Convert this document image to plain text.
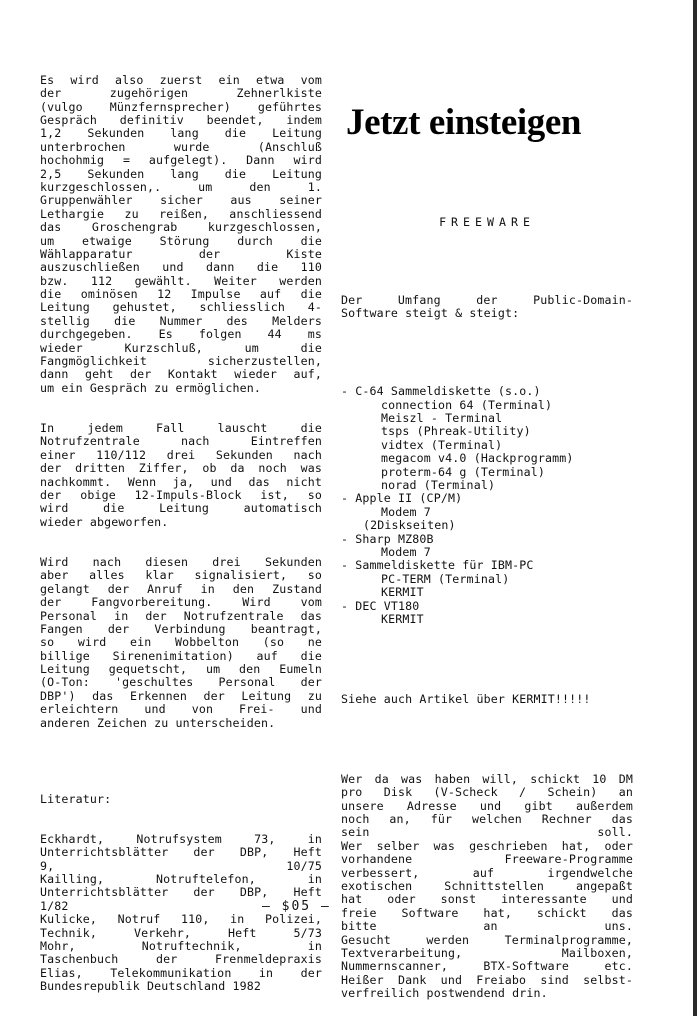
Es wird also zuerst ein etwa vom
der zugehörigen Zehnerlkiste
(vulgo Münzfernsprecher) geführtes
Gespräch definitiv beendet, indem
1,2 Sekunden lang die Leitung
unterbrochen wurde (Anschluß
hochohmig = aufgelegt). Dann wird
2,5 Sekunden lang die Leitung
kurzgeschlossen,. um den 1.
Gruppenwähler sicher aus seiner
Lethargie zu reißen, anschliessend
das Groschengrab kurzgeschlossen,
um etwaige Störung durch die
Wählapparatur der Kiste
auszuschließen und dann die 110
bzw. 112 gewählt. Weiter werden
die ominösen 12 Impulse auf die
Leitung gehustet, schliesslich 4-
stellig die Nummer des Melders
durchgegeben. Es folgen 44 ms
wieder Kurzschluß, um die
Fangmöglichkeit sicherzustellen,
dann geht der Kontakt wieder auf,
um ein Gespräch zu ermöglichen.

In jedem Fall lauscht die
Notrufzentrale nach Eintreffen
einer 110/112 drei Sekunden nach
der dritten Ziffer, ob da noch was
nachkommt. Wenn ja, und das nicht
der obige 12-Impuls-Block ist, so
wird die Leitung automatisch
wieder abgeworfen.

Wird nach diesen drei Sekunden
aber alles klar signalisiert, so
gelangt der Anruf in den Zustand
der Fangvorbereitung. Wird vom
Personal in der Notrufzentrale das
Fangen der Verbindung beantragt,
so wird ein Wobbelton (so ne
billige Sirenenimitation) auf die
Leitung gequetscht, um den Eumeln
(O-Ton: 'geschultes Personal der
DBP') das Erkennen der Leitung zu
erleichtern und von Frei- und
anderen Zeichen zu unterscheiden.

Literatur:

Eckhardt, Notrufsystem 73, in
Unterrichtsblätter der DBP, Heft
9, 10/75
Kailling, Notruftelefon, in
Unterrichtsblätter der DBP, Heft
1/82
Kulicke, Notruf 110, in Polizei,
Technik, Verkehr, Heft 5/73
Mohr, Notruftechnik, in
Taschenbuch der Frenmeldepraxis
Elias, Telekommunikation in der
Bundesrepublik Deutschland 1982

Jetzt einsteigen

FREEWARE

Der Umfang der Public-Domain-
Software steigt & steigt:

- C-64 Sammeldiskette (s.o.)
connection 64 (Terminal)
Meiszl - Terminal
tsps (Phreak-Utility)
vidtex (Terminal)
megacom v4.0 (Hackprogramm)
proterm-64 g (Terminal)
norad (Terminal)
- Apple II (CP/M)
Modem 7
(2Diskseiten)
- Sharp MZ80B
Modem 7
- Sammeldiskette für IBM-PC
PC-TERM (Terminal)
KERMIT
- DEC VT180
KERMIT

Siehe auch Artikel über KERMIT!!!!!

Wer da was haben will, schickt 10 DM
pro Disk (V-Scheck / Schein) an
unsere Adresse und gibt außerdem
noch an, für welchen Rechner das
sein soll.
Wer selber was geschrieben hat, oder
vorhandene Freeware-Programme
verbessert, auf irgendwelche
exotischen Schnittstellen angepaßt
hat oder sonst interessante und
freie Software hat, schickt das
bitte an uns.
Gesucht werden Terminalprogramme,
Textverarbeitung, Mailboxen,
Nummernscanner, BTX-Software etc.
Heißer Dank und Freiabo sind selbst-
verfreilich postwendend drin.

— $05 —
